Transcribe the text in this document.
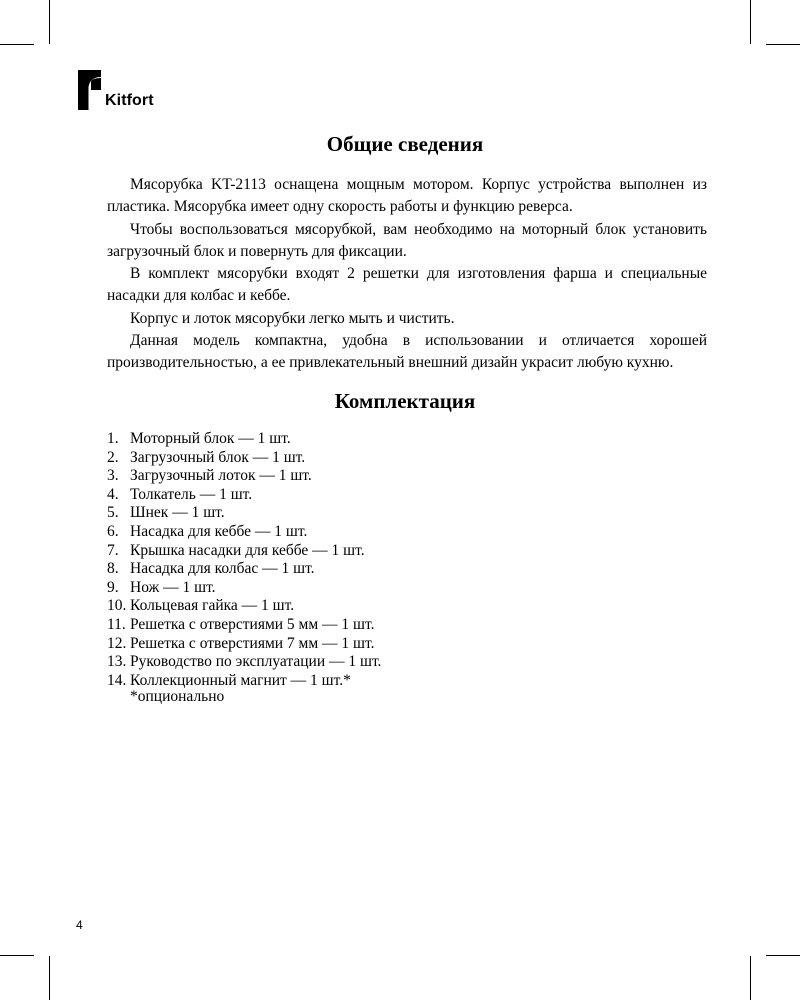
Kitfort
Общие сведения

Мясорубка KT-2113 оснащена мощным мотором. Корпус устройства выполнен из пластика. Мясорубка имеет одну скорость работы и функцию реверса.

Чтобы воспользоваться мясорубкой, вам необходимо на моторный блок установить загрузочный блок и повернуть для фиксации.

В комплект мясорубки входят 2 решетки для изготовления фарша и специальные насадки для колбас и кеббе.

Корпус и лоток мясорубки легко мыть и чистить.

Данная модель компактна, удобна в использовании и отличается хорошей производительностью, а ее привлекательный внешний дизайн украсит любую кухню.

Комплектация
1. Моторный блок — 1 шт.
2. Загрузочный блок — 1 шт.
3. Загрузочный лоток — 1 шт.
4. Толкатель — 1 шт.
5. Шнек — 1 шт.
6. Насадка для кеббе — 1 шт.
7. Крышка насадки для кеббе — 1 шт.
8. Насадка для колбас — 1 шт.
9. Нож — 1 шт.
10. Кольцевая гайка — 1 шт.
11. Решетка с отверстиями 5 мм — 1 шт.
12. Решетка с отверстиями 7 мм — 1 шт.
13. Руководство по эксплуатации — 1 шт.
14. Коллекционный магнит — 1 шт.*
*опционально
4
